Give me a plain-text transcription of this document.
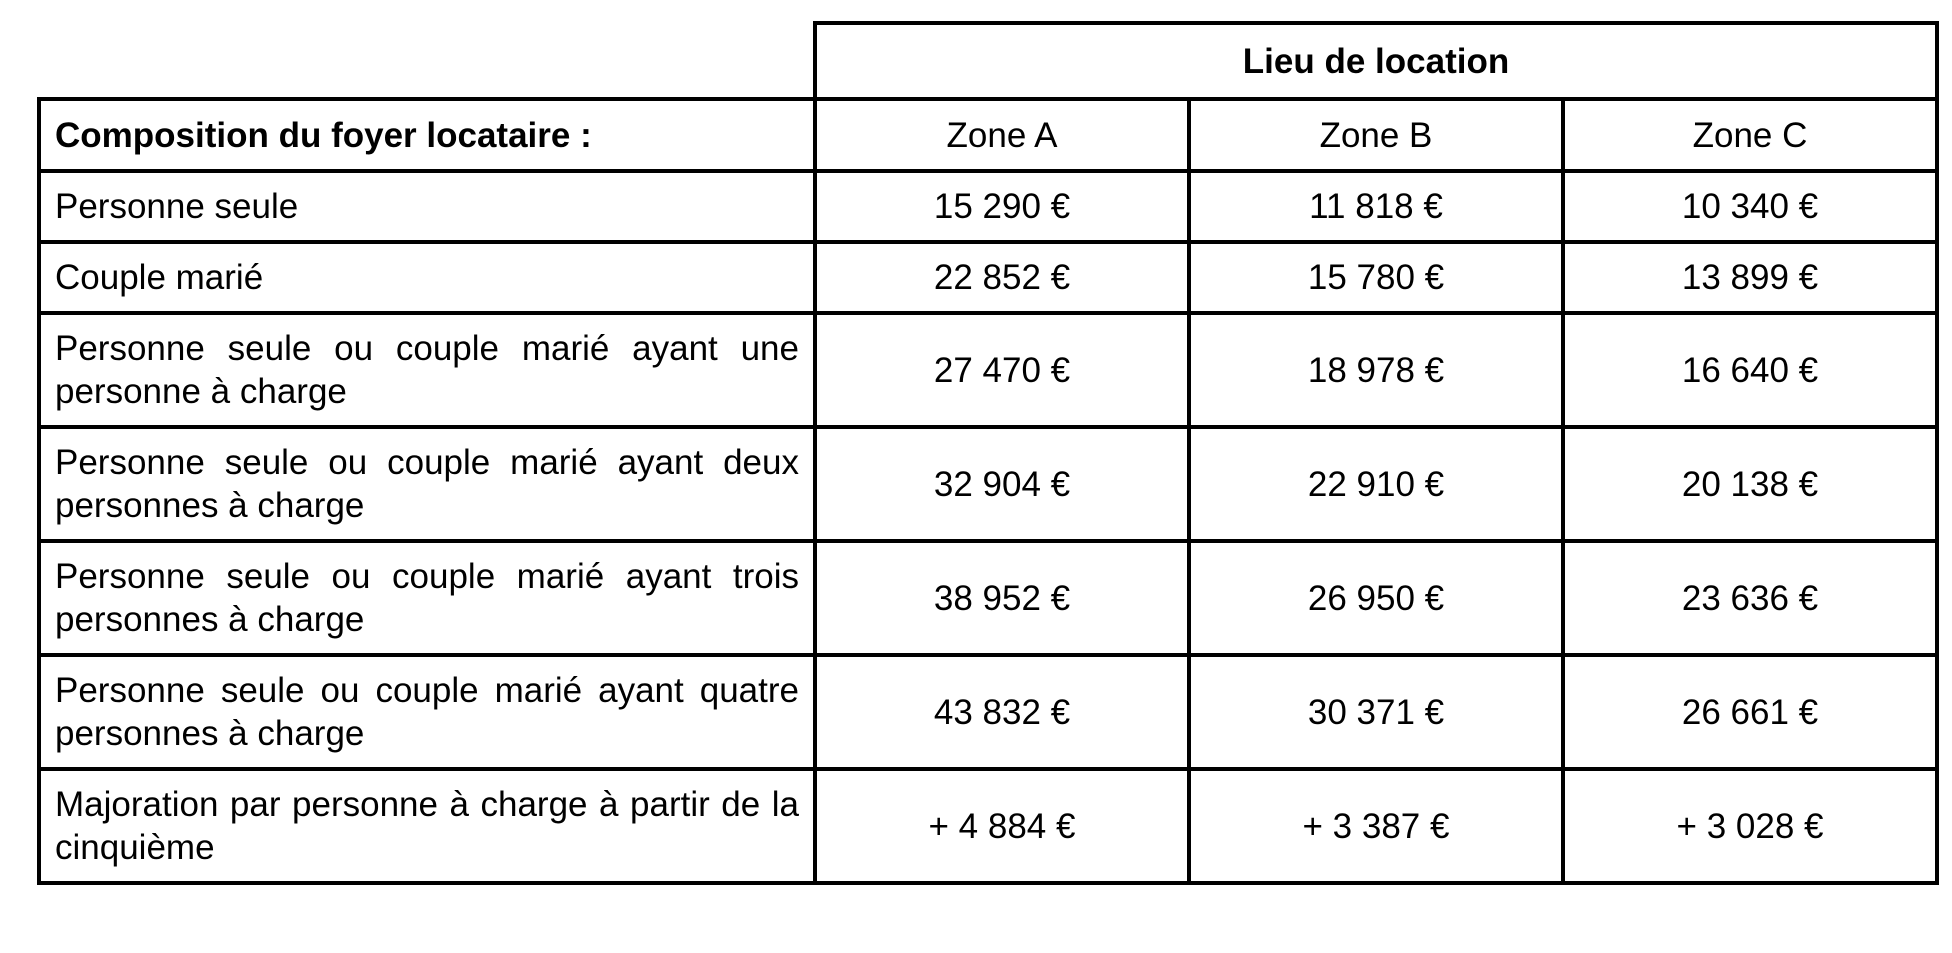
	Lieu de location		
Composition du foyer locataire :	Zone A	Zone B	Zone C
Personne seule	15 290 €	11 818 €	10 340 €
Couple marié	22 852 €	15 780 €	13 899 €
Personne seule ou couple marié ayant une personne à charge	27 470 €	18 978 €	16 640 €
Personne seule ou couple marié ayant deux personnes à charge	32 904 €	22 910 €	20 138 €
Personne seule ou couple marié ayant trois personnes à charge	38 952 €	26 950 €	23 636 €
Personne seule ou couple marié ayant quatre personnes à charge	43 832 €	30 371 €	26 661 €
Majoration par personne à charge à partir de la cinquième	+ 4 884 €	+ 3 387 €	+ 3 028 €
